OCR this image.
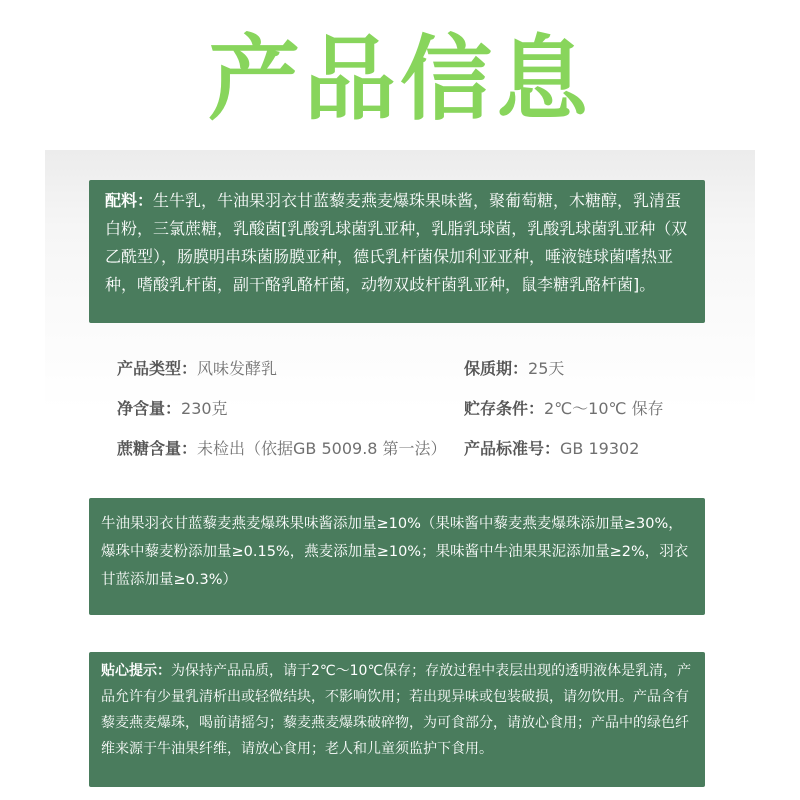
产品信息

配料：生牛乳，牛油果羽衣甘蓝藜麦燕麦爆珠果味酱，聚葡萄糖，木糖醇，乳清蛋白粉，三氯蔗糖，乳酸菌[乳酸乳球菌乳亚种，乳脂乳球菌，乳酸乳球菌乳亚种（双乙酰型），肠膜明串珠菌肠膜亚种，德氏乳杆菌保加利亚亚种，唾液链球菌嗜热亚种，嗜酸乳杆菌，副干酪乳酪杆菌，动物双歧杆菌乳亚种，鼠李糖乳酪杆菌]。

产品类型：风味发酵乳	保质期：25天
净含量：230克	贮存条件：2℃～10℃ 保存
蔗糖含量：未检出（依据GB 5009.8 第一法） 产品标准号：GB 19302

牛油果羽衣甘蓝藜麦燕麦爆珠果味酱添加量≥10%（果味酱中藜麦燕麦爆珠添加量≥30%，爆珠中藜麦粉添加量≥0.15%，燕麦添加量≥10%；果味酱中牛油果果泥添加量≥2%，羽衣甘蓝添加量≥0.3%）

贴心提示：为保持产品品质，请于2℃～10℃保存；存放过程中表层出现的透明液体是乳清，产品允许有少量乳清析出或轻微结块，不影响饮用；若出现异味或包装破损，请勿饮用。产品含有藜麦燕麦爆珠，喝前请摇匀；藜麦燕麦爆珠破碎物，为可食部分，请放心食用；产品中的绿色纤维来源于牛油果纤维，请放心食用；老人和儿童须监护下食用。
